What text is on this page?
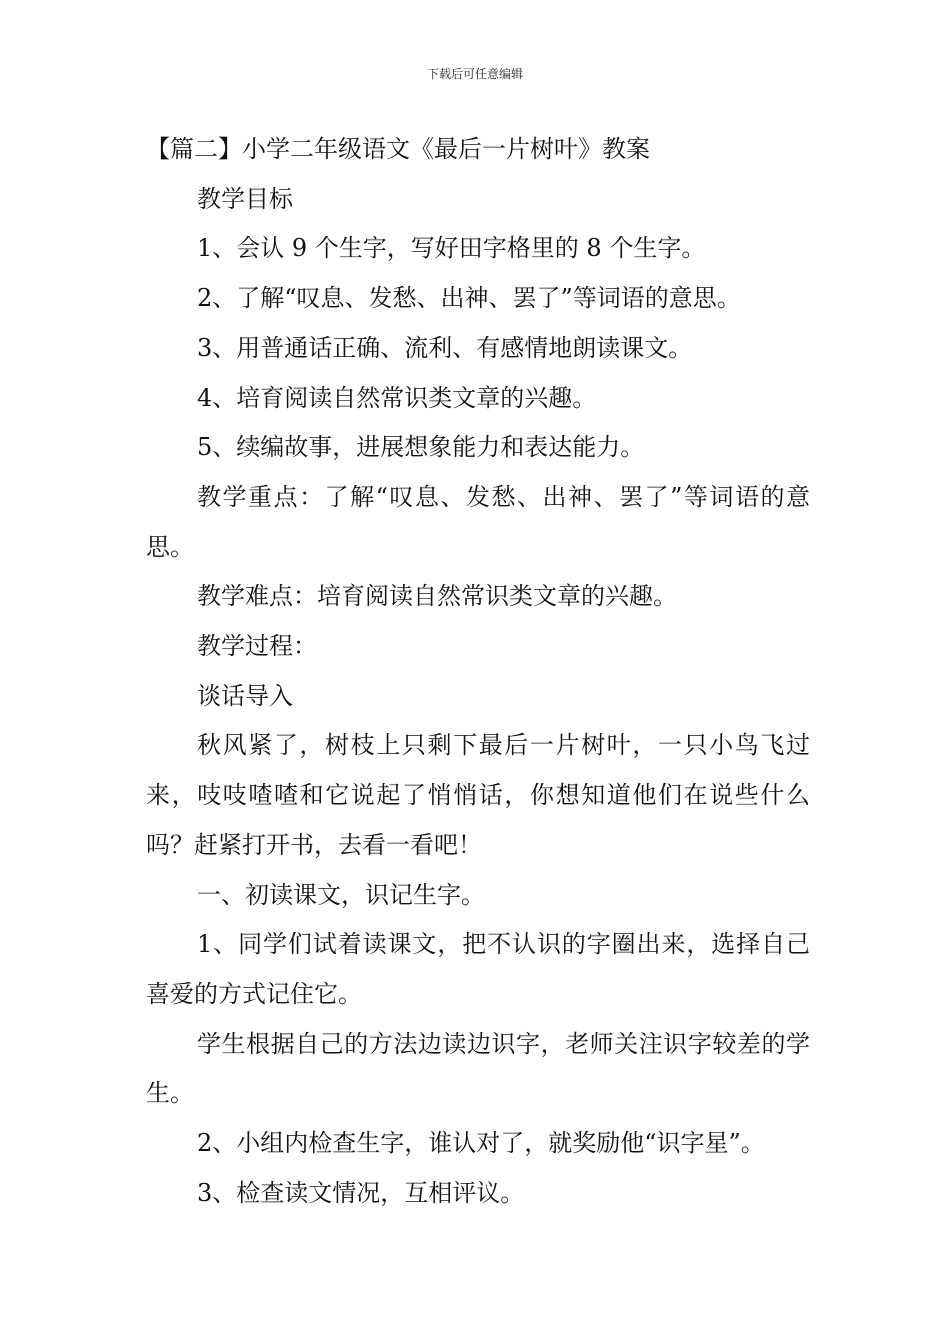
下载后可任意编辑

【篇二】小学二年级语文《最后一片树叶》教案

教学目标

1、会认 9 个生字，写好田字格里的 8 个生字。

2、了解“叹息、发愁、出神、罢了”等词语的意思。

3、用普通话正确、流利、有感情地朗读课文。

4、培育阅读自然常识类文章的兴趣。

5、续编故事，进展想象能力和表达能力。

教学重点：了解“叹息、发愁、出神、罢了”等词语的意思。

教学难点：培育阅读自然常识类文章的兴趣。

教学过程：

谈话导入

秋风紧了，树枝上只剩下最后一片树叶，一只小鸟飞过来，吱吱喳喳和它说起了悄悄话，你想知道他们在说些什么吗？赶紧打开书，去看一看吧！

一、初读课文，识记生字。

1、同学们试着读课文，把不认识的字圈出来，选择自己喜爱的方式记住它。

学生根据自己的方法边读边识字，老师关注识字较差的学生。

2、小组内检查生字，谁认对了，就奖励他“识字星”。

3、检查读文情况，互相评议。
